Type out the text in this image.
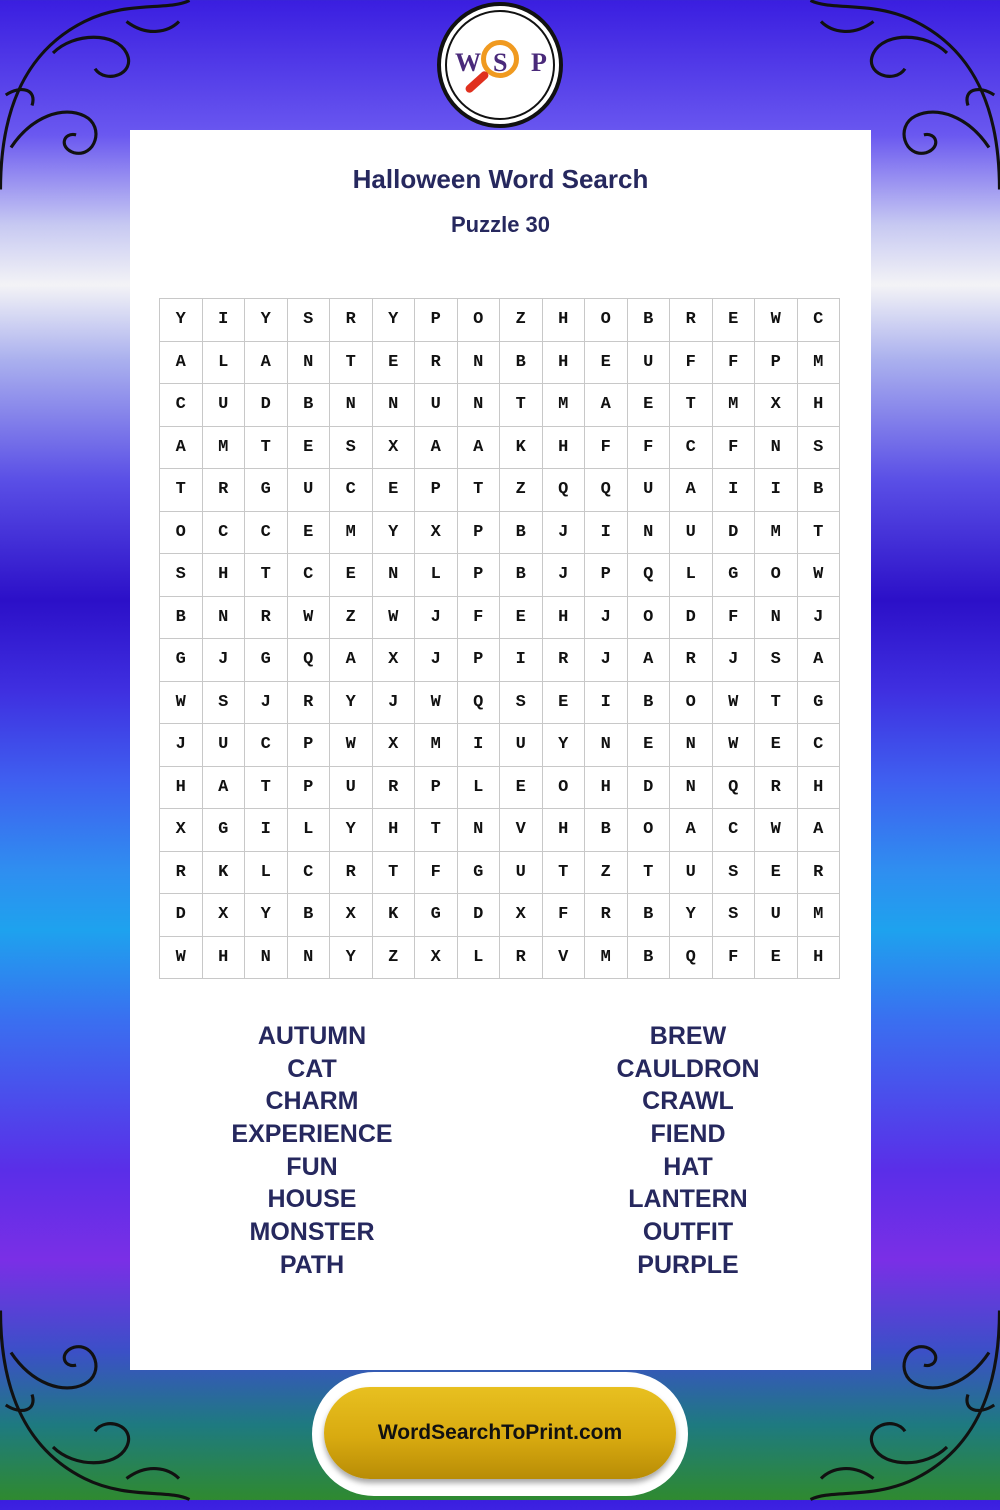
W S P
Halloween Word Search
Puzzle 30
Y	I	Y	S	R	Y	P	O	Z	H	O	B	R	E	W	C
A	L	A	N	T	E	R	N	B	H	E	U	F	F	P	M
C	U	D	B	N	N	U	N	T	M	A	E	T	M	X	H
A	M	T	E	S	X	A	A	K	H	F	F	C	F	N	S
T	R	G	U	C	E	P	T	Z	Q	Q	U	A	I	I	B
O	C	C	E	M	Y	X	P	B	J	I	N	U	D	M	T
S	H	T	C	E	N	L	P	B	J	P	Q	L	G	O	W
B	N	R	W	Z	W	J	F	E	H	J	O	D	F	N	J
G	J	G	Q	A	X	J	P	I	R	J	A	R	J	S	A
W	S	J	R	Y	J	W	Q	S	E	I	B	O	W	T	G
J	U	C	P	W	X	M	I	U	Y	N	E	N	W	E	C
H	A	T	P	U	R	P	L	E	O	H	D	N	Q	R	H
X	G	I	L	Y	H	T	N	V	H	B	O	A	C	W	A
R	K	L	C	R	T	F	G	U	T	Z	T	U	S	E	R
D	X	Y	B	X	K	G	D	X	F	R	B	Y	S	U	M
W	H	N	N	Y	Z	X	L	R	V	M	B	Q	F	E	H
AUTUMN
CAT
CHARM
EXPERIENCE
FUN
HOUSE
MONSTER
PATH
BREW
CAULDRON
CRAWL
FIEND
HAT
LANTERN
OUTFIT
PURPLE
WordSearchToPrint.com
